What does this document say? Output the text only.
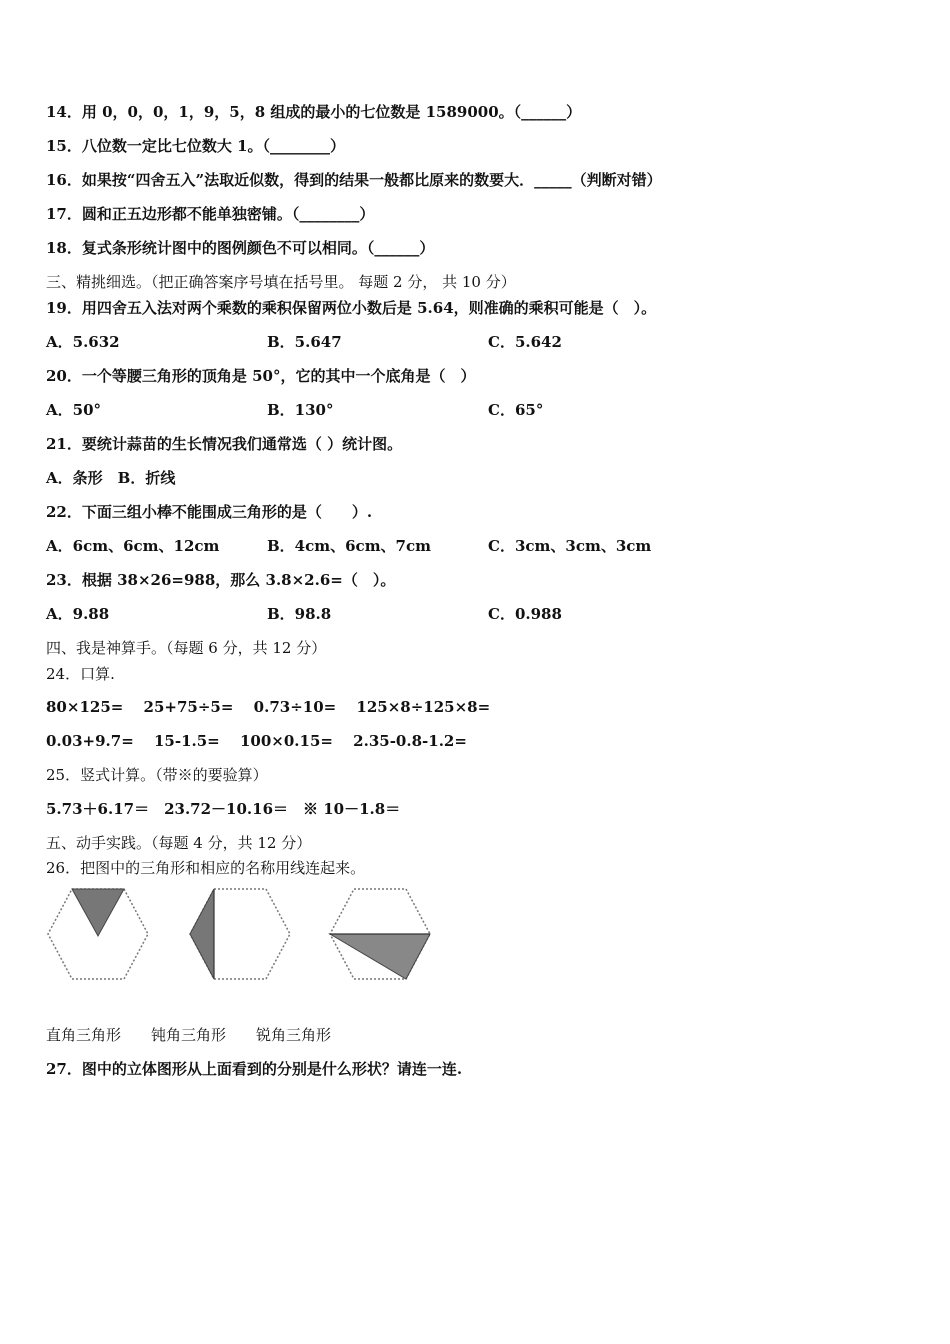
14．用 0，0，0，1，9，5，8 组成的最小的七位数是 1589000。（______）
15．八位数一定比七位数大 1。（________）
16．如果按“四舍五入”法取近似数，得到的结果一般都比原来的数要大．_____（判断对错）
17．圆和正五边形都不能单独密铺。（________）
18．复式条形统计图中的图例颜色不可以相同。（______）
三、精挑细选。（把正确答案序号填在括号里。 每题 2 分， 共 10 分）
19．用四舍五入法对两个乘数的乘积保留两位小数后是 5.64，则准确的乘积可能是（　）。
A．5.632	B．5.647	C．5.642
20．一个等腰三角形的顶角是 50°，它的其中一个底角是（　）
A．50°	B．130°	C．65°
21．要统计蒜苗的生长情况我们通常选（ ）统计图。
A．条形　B．折线
22．下面三组小棒不能围成三角形的是（　　）.
A．6cm、6cm、12cm	B．4cm、6cm、7cm	C．3cm、3cm、3cm
23．根据 38×26=988，那么 3.8×2.6=（　）。
A．9.88	B．98.8	C．0.988
四、我是神算手。（每题 6 分，共 12 分）
24．口算.
80×125=　 25+75÷5=　 0.73÷10=　 125×8÷125×8=
0.03+9.7=　 15-1.5=　 100×0.15=　 2.35-0.8-1.2=
25．竖式计算。（带※的要验算）
5.73＋6.17＝　23.72－10.16＝　※ 10－1.8＝
五、动手实践。（每题 4 分，共 12 分）
26．把图中的三角形和相应的名称用线连起来。
直角三角形　　钝角三角形　　锐角三角形
27．图中的立体图形从上面看到的分别是什么形状？请连一连.
